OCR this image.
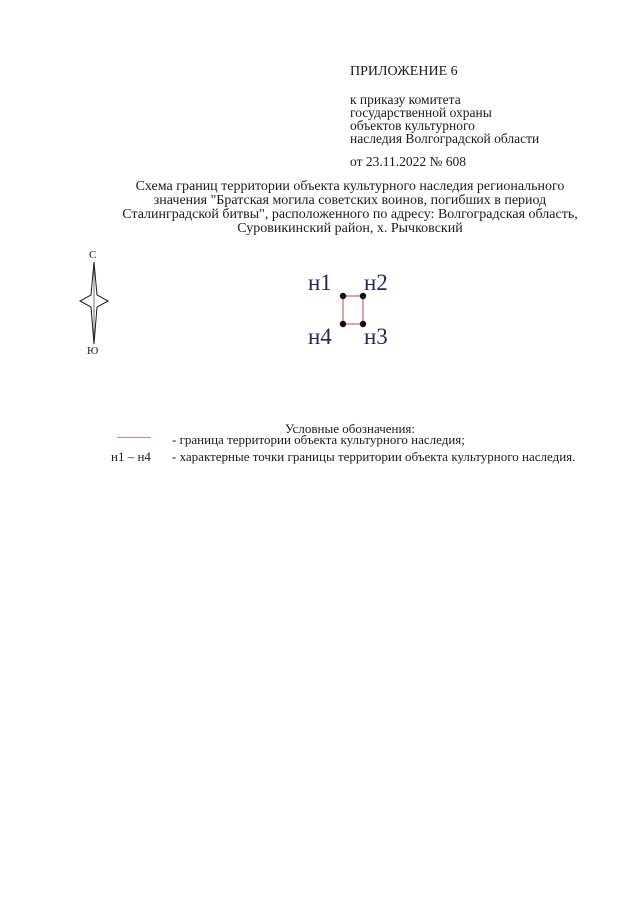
ПРИЛОЖЕНИЕ 6
к приказу комитета
государственной охраны
объектов культурного
наследия Волгоградской области
от 23.11.2022 № 608
Схема границ территории объекта культурного наследия регионального
значения "Братская могила советских воинов, погибших в период
Сталинградской битвы", расположенного по адресу: Волгоградская область,
Суровикинский район, х. Рычковский
С
Ю
н1 н2
н3
н4
Условные обозначения:
- граница территории объекта культурного наследия;
н1 – н4 - характерные точки границы территории объекта культурного наследия.
